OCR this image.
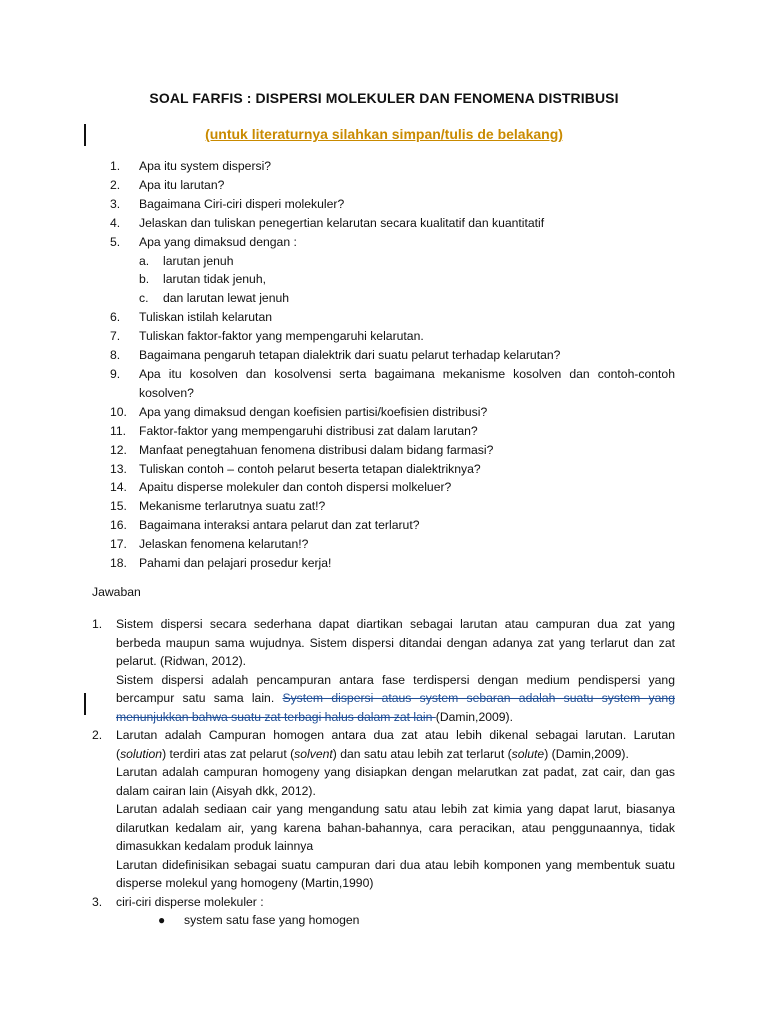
SOAL FARFIS : DISPERSI MOLEKULER DAN FENOMENA DISTRIBUSI
(untuk literaturnya silahkan simpan/tulis de belakang)
1.	Apa itu system dispersi?
2.	Apa itu larutan?
3.	Bagaimana Ciri-ciri disperi molekuler?
4.	Jelaskan dan tuliskan penegertian kelarutan secara kualitatif dan kuantitatif
5.	Apa yang dimaksud dengan :
a.	larutan jenuh
b.	larutan tidak jenuh,
c.	dan larutan lewat jenuh
6.	Tuliskan istilah kelarutan
7.	Tuliskan faktor-faktor yang mempengaruhi kelarutan.
8.	Bagaimana pengaruh tetapan dialektrik dari suatu pelarut terhadap kelarutan?
9.	Apa itu kosolven dan kosolvensi serta bagaimana mekanisme kosolven dan contoh-contoh kosolven?
10. Apa yang dimaksud dengan koefisien partisi/koefisien distribusi?
11.	Faktor-faktor yang mempengaruhi distribusi zat dalam larutan?
12. Manfaat penegtahuan fenomena distribusi dalam bidang farmasi?
13. Tuliskan contoh – contoh pelarut beserta tetapan dialektriknya?
14. Apaitu disperse molekuler dan contoh dispersi molkeluer?
15. Mekanisme terlarutnya suatu zat!?
16. Bagaimana interaksi antara pelarut dan zat terlarut?
17. Jelaskan fenomena kelarutan!?
18. Pahami dan pelajari prosedur kerja!
Jawaban
1.	Sistem dispersi secara sederhana dapat diartikan sebagai larutan atau campuran dua zat yang berbeda maupun sama wujudnya. Sistem dispersi ditandai dengan adanya zat yang terlarut dan zat pelarut. (Ridwan, 2012).

Sistem dispersi adalah pencampuran antara fase terdispersi dengan medium pendispersi yang bercampur satu sama lain. System dispersi ataus system sebaran adalah suatu system yang menunjukkan bahwa suatu zat terbagi halus dalam zat lain (Damin,2009).

2.	Larutan adalah Campuran homogen antara dua zat atau lebih dikenal sebagai larutan. Larutan (solution) terdiri atas zat pelarut (solvent) dan satu atau lebih zat terlarut (solute) (Damin,2009).

Larutan adalah campuran homogeny yang disiapkan dengan melarutkan zat padat, zat cair, dan gas dalam cairan lain (Aisyah dkk, 2012).

Larutan adalah sediaan cair yang mengandung satu atau lebih zat kimia yang dapat larut, biasanya dilarutkan kedalam air, yang karena bahan-bahannya, cara peracikan, atau penggunaannya, tidak dimasukkan kedalam produk lainnya

Larutan didefinisikan sebagai suatu campuran dari dua atau lebih komponen yang membentuk suatu disperse molekul yang homogeny (Martin,1990)

3.	ciri-ciri disperse molekuler :

●	system satu fase yang homogen
